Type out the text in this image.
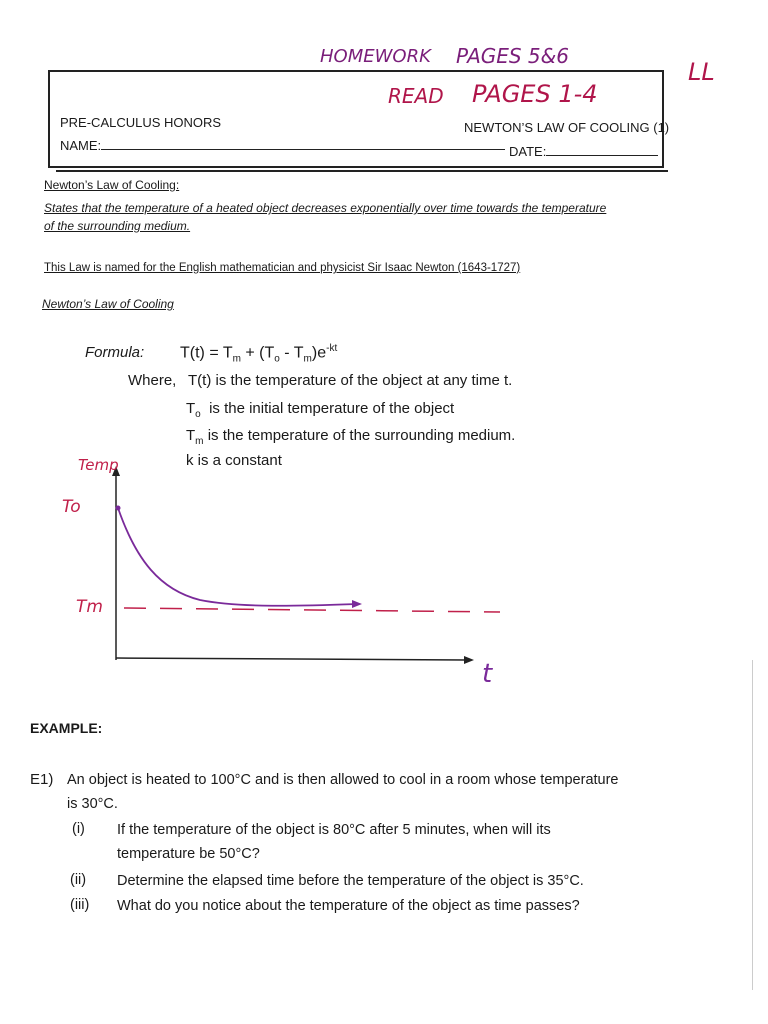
HOMEWORK PAGES 5&6
READ PAGES 1-4
LL
PRE-CALCULUS HONORS	NEWTON’S LAW OF COOLING (1)
NAME:	DATE:
Newton’s Law of Cooling:
States that the temperature of a heated object decreases exponentially over time towards the temperature
of the surrounding medium.
This Law is named for the English mathematician and physicist Sir Isaac Newton (1643-1727)
Newton’s Law of Cooling
Formula: $T(t) = T_m + (T_o - T_m)e^{-kt}$
Where, T(t) is the temperature of the object at any time t.
$T_o$ is the initial temperature of the object
$T_m$ is the temperature of the surrounding medium.
k is a constant
Temp
To
Tm
t
EXAMPLE:
E1) An object is heated to 100°C and is then allowed to cool in a room whose temperature
is 30°C.
(i) If the temperature of the object is 80°C after 5 minutes, when will its
temperature be 50°C?
(ii) Determine the elapsed time before the temperature of the object is 35°C.
(iii) What do you notice about the temperature of the object as time passes?
